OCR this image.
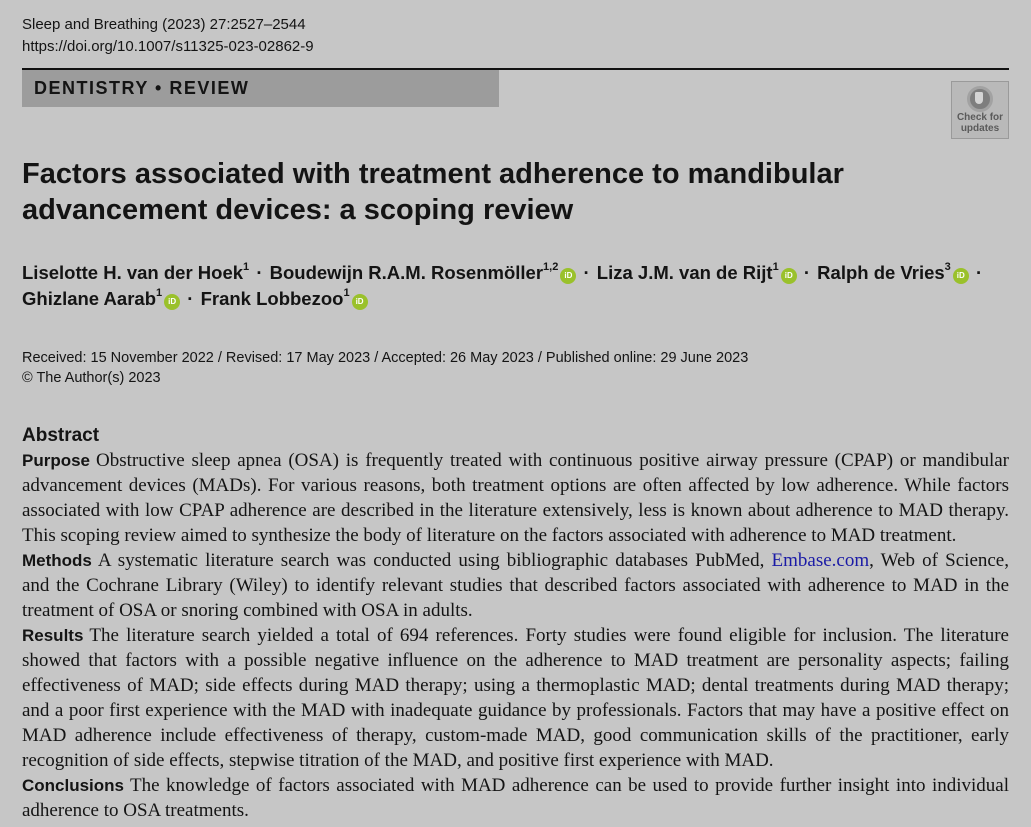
Sleep and Breathing (2023) 27:2527–2544
https://doi.org/10.1007/s11325-023-02862-9
DENTISTRY • REVIEW
Check for
updates
Factors associated with treatment adherence to mandibular
advancement devices: a scoping review
Liselotte H. van der Hoek$^1$ · Boudewijn R.A.M. Rosenmöller$^{1,2}$iD · Liza J.M. van de Rijt$^1$iD · Ralph de Vries$^3$iD ·
Ghizlane Aarab$^1$iD · Frank Lobbezoo$^1$iD
Received: 15 November 2022 / Revised: 17 May 2023 / Accepted: 26 May 2023 / Published online: 29 June 2023
© The Author(s) 2023
Abstract

Purpose Obstructive sleep apnea (OSA) is frequently treated with continuous positive airway pressure (CPAP) or mandibular advancement devices (MADs). For various reasons, both treatment options are often affected by low adherence. While factors associated with low CPAP adherence are described in the literature extensively, less is known about adherence to MAD therapy. This scoping review aimed to synthesize the body of literature on the factors associated with adherence to MAD treatment.

Methods A systematic literature search was conducted using bibliographic databases PubMed, Embase.com, Web of Science, and the Cochrane Library (Wiley) to identify relevant studies that described factors associated with adherence to MAD in the treatment of OSA or snoring combined with OSA in adults.

Results The literature search yielded a total of 694 references. Forty studies were found eligible for inclusion. The literature showed that factors with a possible negative influence on the adherence to MAD treatment are personality aspects; failing effectiveness of MAD; side effects during MAD therapy; using a thermoplastic MAD; dental treatments during MAD therapy; and a poor first experience with the MAD with inadequate guidance by professionals. Factors that may have a positive effect on MAD adherence include effectiveness of therapy, custom-made MAD, good communication skills of the practitioner, early recognition of side effects, stepwise titration of the MAD, and positive first experience with MAD.

Conclusions The knowledge of factors associated with MAD adherence can be used to provide further insight into individual adherence to OSA treatments.
